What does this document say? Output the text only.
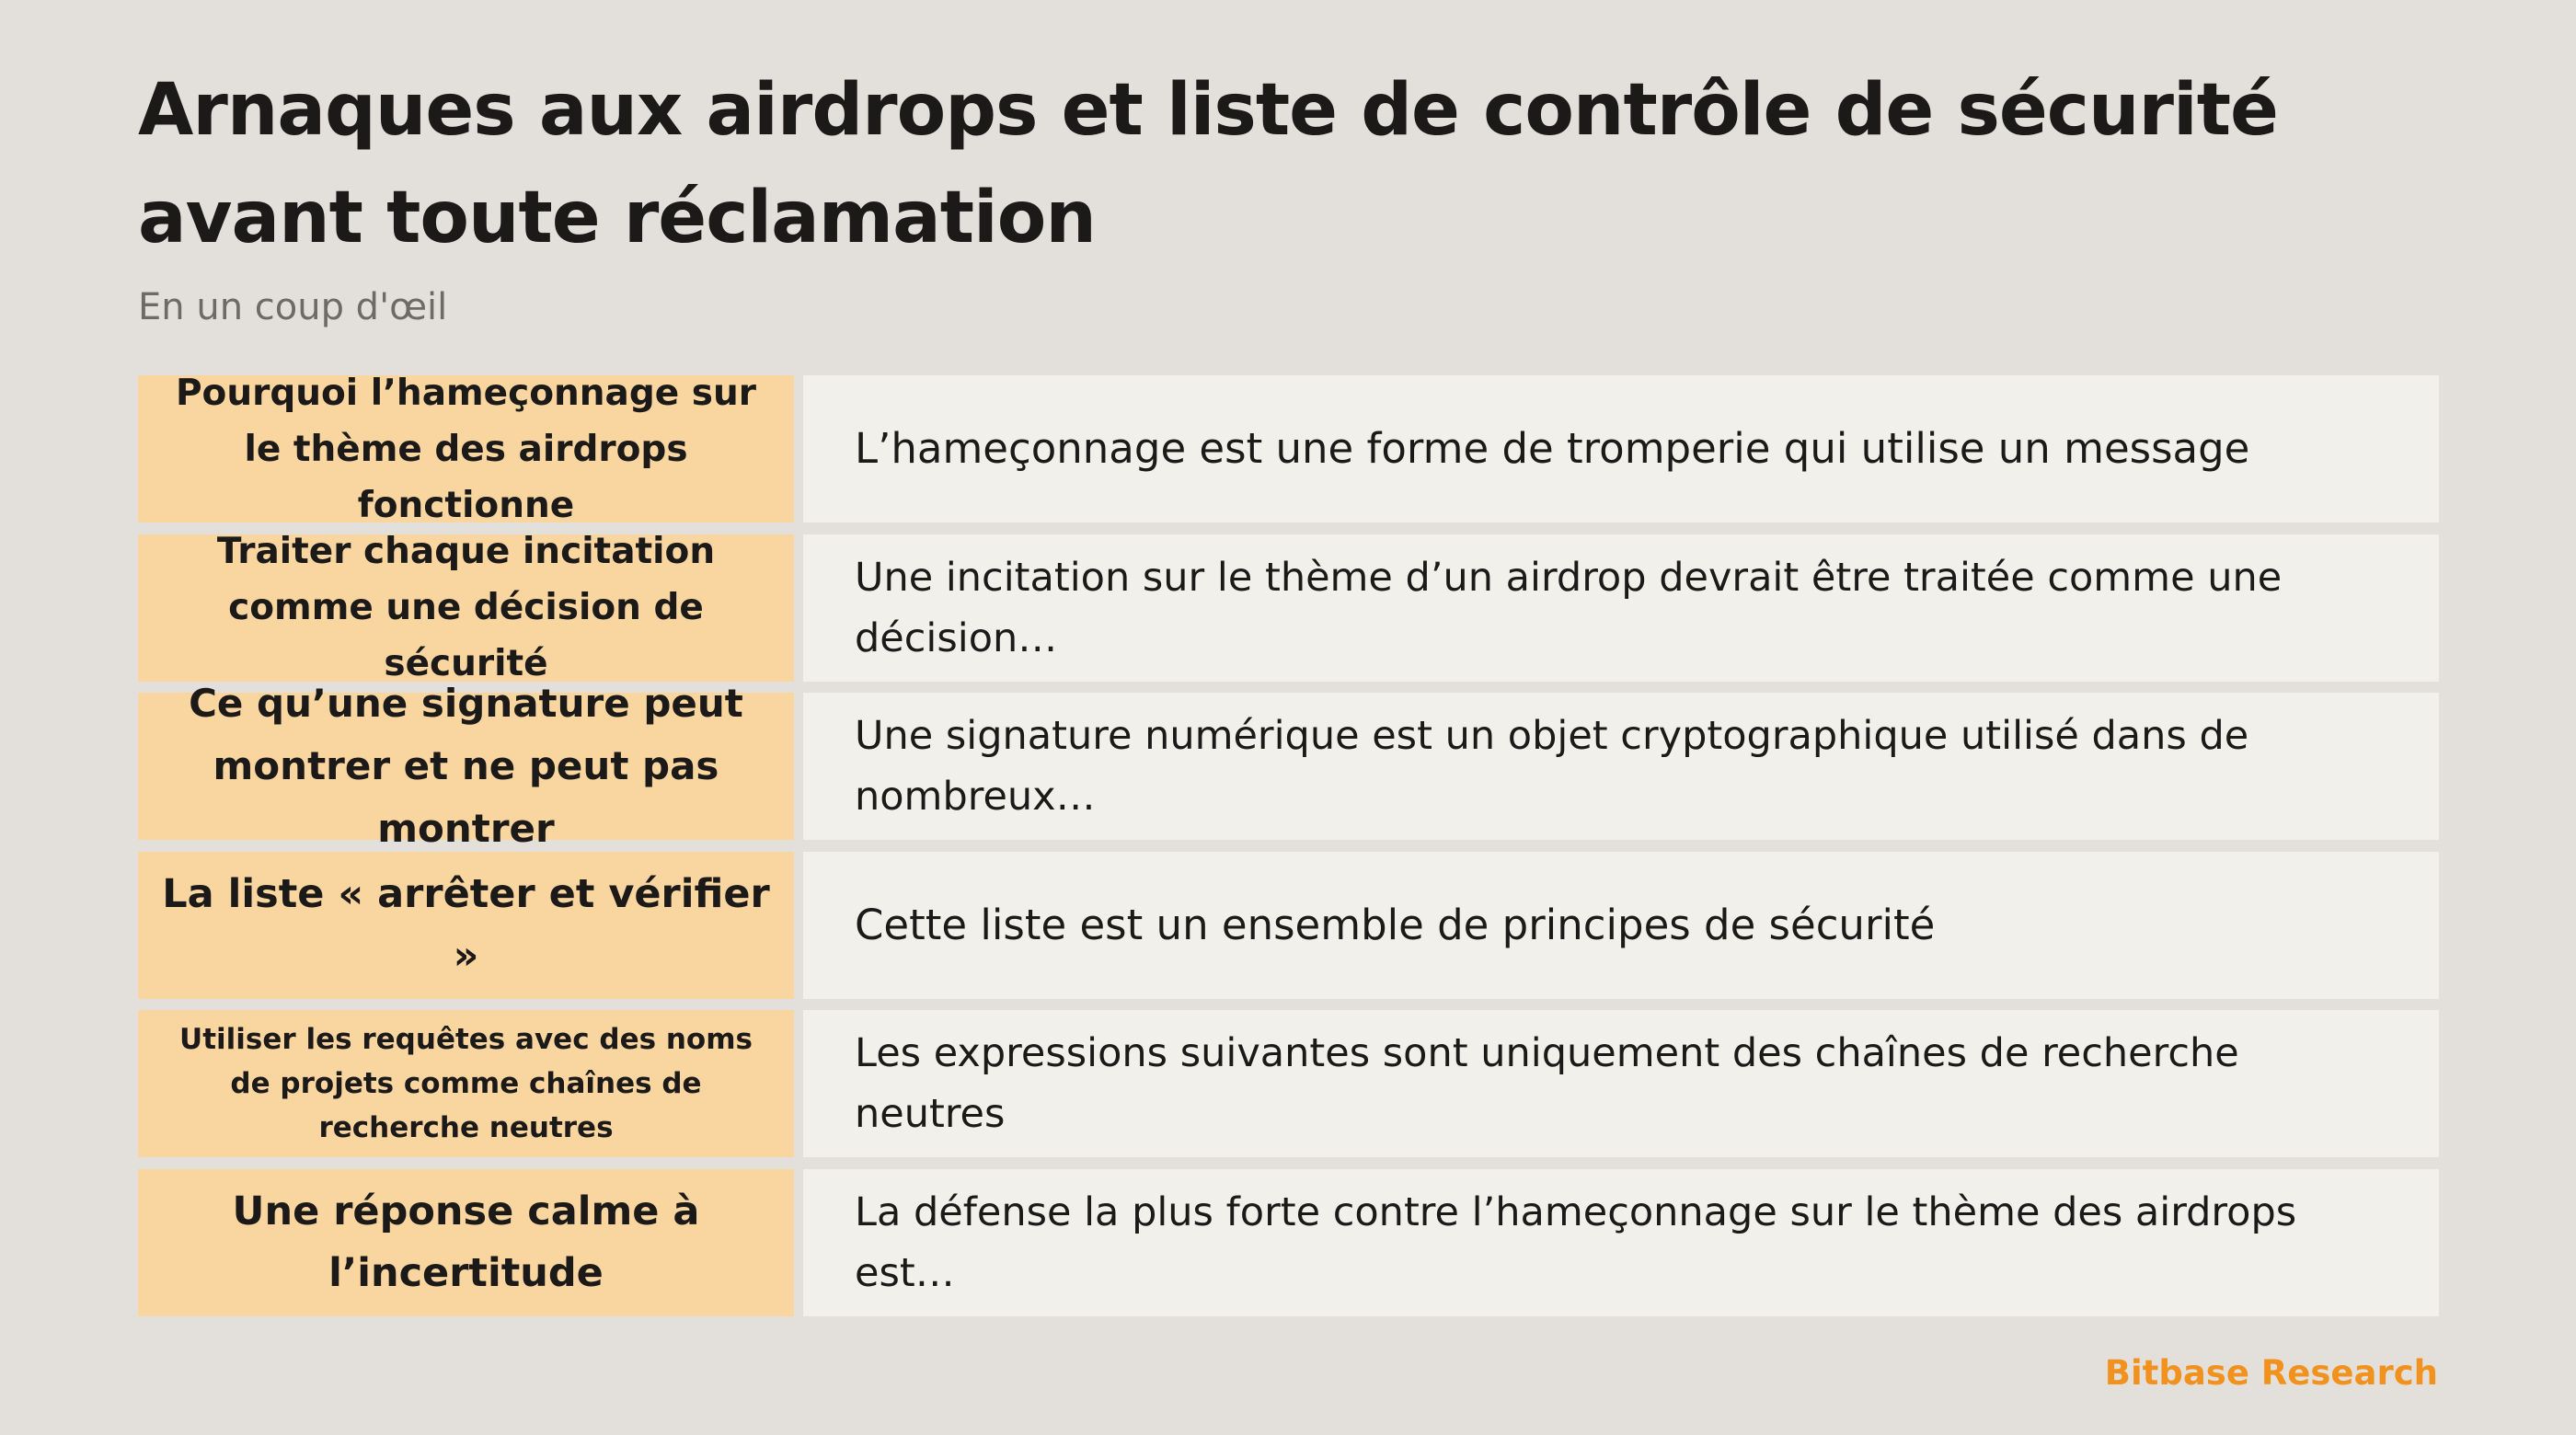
Arnaques aux airdrops et liste de contrôle de sécurité avant toute réclamation

En un coup d'œil

Pourquoi l’hameçonnage sur le thème des airdrops fonctionne
L’hameçonnage est une forme de tromperie qui utilise un message
Traiter chaque incitation comme une décision de sécurité
Une incitation sur le thème d’un airdrop devrait être traitée comme une décision…
Ce qu’une signature peut montrer et ne peut pas montrer
Une signature numérique est un objet cryptographique utilisé dans de nombreux…
La liste « arrêter et vérifier »
Cette liste est un ensemble de principes de sécurité
Utiliser les requêtes avec des noms de projets comme chaînes de recherche neutres
Les expressions suivantes sont uniquement des chaînes de recherche neutres
Une réponse calme à l’incertitude
La défense la plus forte contre l’hameçonnage sur le thème des airdrops est…

Bitbase Research
